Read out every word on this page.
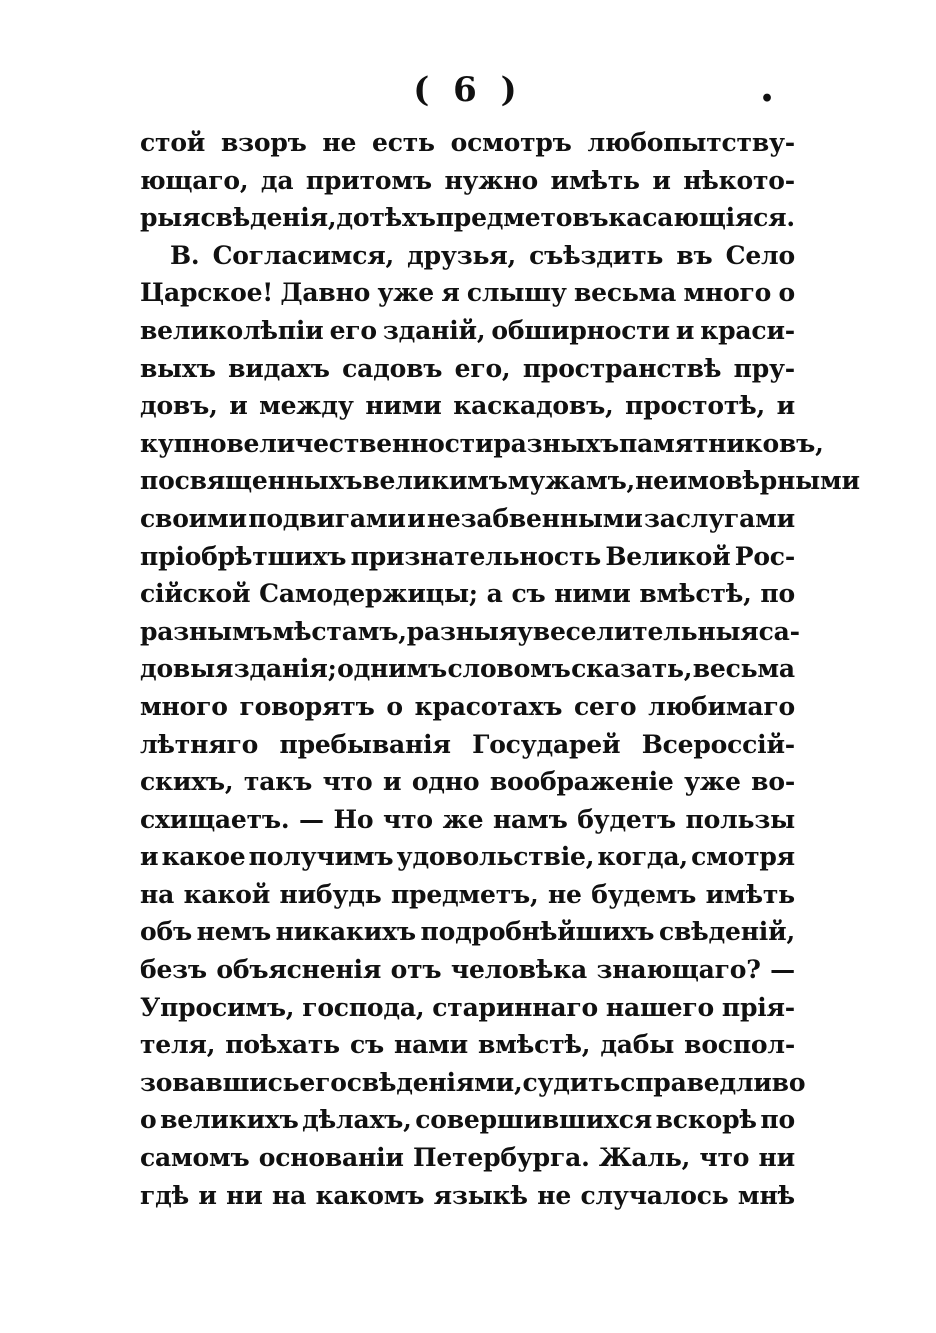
( 6 )	•
стой взоръ не есть осмотръ любопытству-
ющаго, да притомъ нужно имѣть и нѣкото-
рыя свѣденія, до тѣхъ предметовъ касающіяся.
В. Согласимся, друзья, съѣздить въ Село
Царское! Давно уже я слышу весьма много о
великолѣпіи его зданій, обширности и краси-
выхъ видахъ садовъ его, пространствѣ пру-
довъ, и между ними каскадовъ, простотѣ, и
купно величественности разныхъ памятниковъ,
посвященныхъ великимъ мужамъ, неимовѣрными
своими подвигами и незабвенными заслугами
пріобрѣтшихъ признательность Великой Рос-
сійской Самодержицы; а съ ними вмѣстѣ, по
разнымъ мѣстамъ, разныя увеселительныя са-
довыя зданія; однимъ словомъ сказать, весьма
много говорятъ о красотахъ сего любимаго
лѣтняго пребыванія Государей Всероссій-
скихъ, такъ что и одно воображеніе уже во-
схищаетъ. — Но что же намъ будетъ пользы
и какое получимъ удовольствіе, когда, смотря
на какой нибудь предметъ, не будемъ имѣть
объ немъ никакихъ подробнѣйшихъ свѣденій,
безъ объясненія отъ человѣка знающаго? —
Упросимъ, господа, стариннаго нашего прія-
теля, поѣхать съ нами вмѣстѣ, дабы воспол-
зовавшись его свѣденіями, судить справедливо
о великихъ дѣлахъ, совершившихся вскорѣ по
самомъ основаніи Петербурга. Жаль, что ни
гдѣ и ни на какомъ языкѣ не случалось мнѣ
